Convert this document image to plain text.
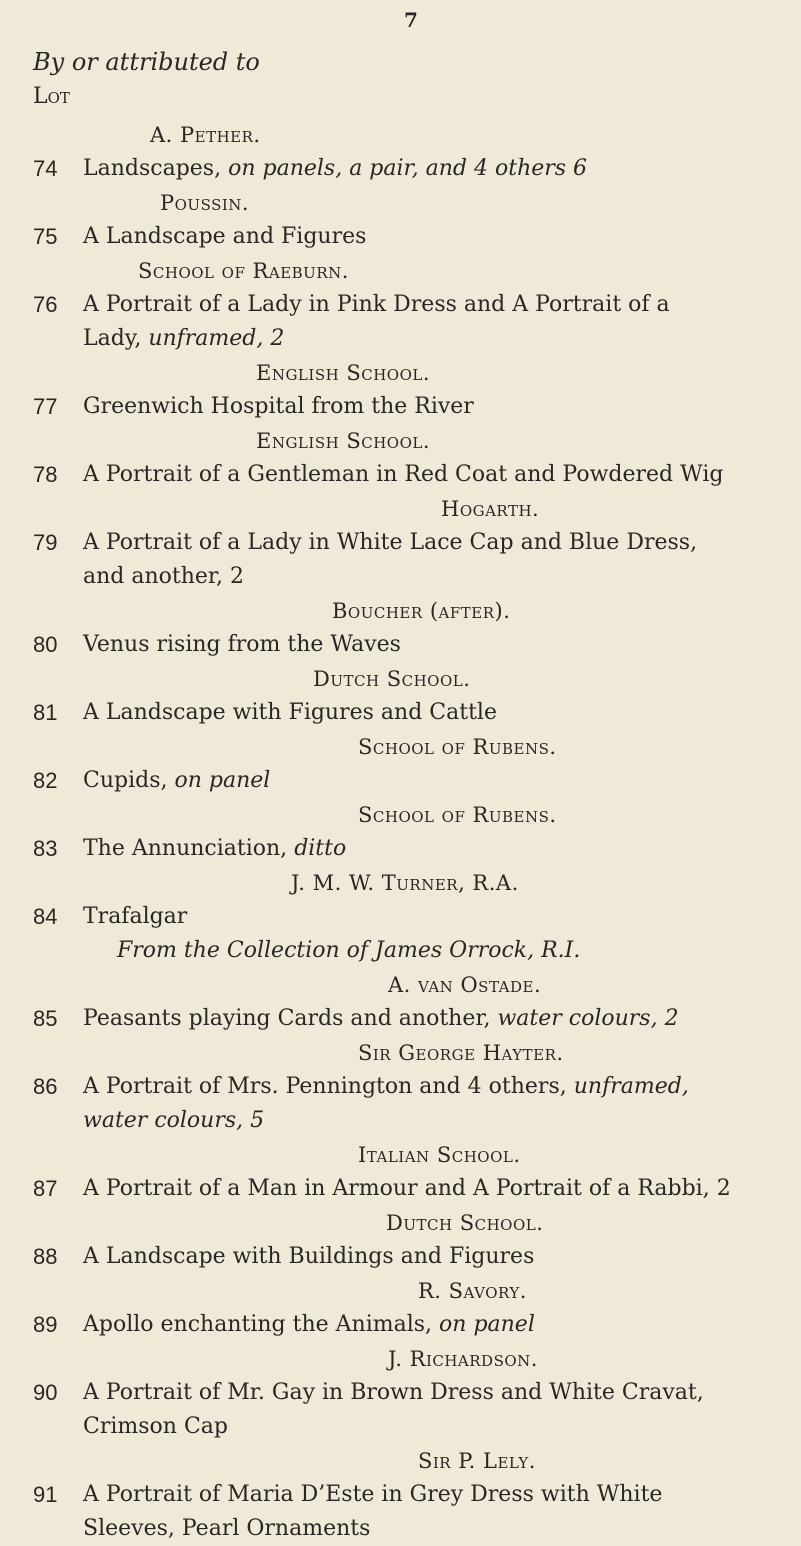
7
By or attributed to
Lot
A. Pether.
74	Landscapes, on panels, a pair, and 4 others 6
Poussin.
75	A Landscape and Figures
School of Raeburn.
76	A Portrait of a Lady in Pink Dress and A Portrait of a
Lady, unframed, 2
English School.
77	Greenwich Hospital from the River
English School.
78	A Portrait of a Gentleman in Red Coat and Powdered Wig
Hogarth.
79	A Portrait of a Lady in White Lace Cap and Blue Dress,
and another, 2
Boucher (after).
80	Venus rising from the Waves
Dutch School.
81	A Landscape with Figures and Cattle
School of Rubens.
82	Cupids, on panel
School of Rubens.
83	The Annunciation, ditto
J. M. W. Turner, R.A.
84	Trafalgar
From the Collection of James Orrock, R.I.
A. van Ostade.
85	Peasants playing Cards and another, water colours, 2
Sir George Hayter.
86	A Portrait of Mrs. Pennington and 4 others, unframed,
water colours, 5
Italian School.
87	A Portrait of a Man in Armour and A Portrait of a Rabbi, 2
Dutch School.
88	A Landscape with Buildings and Figures
R. Savory.
89	Apollo enchanting the Animals, on panel
J. Richardson.
90	A Portrait of Mr. Gay in Brown Dress and White Cravat,
Crimson Cap
Sir P. Lely.
91	A Portrait of Maria D’Este in Grey Dress with White
Sleeves, Pearl Ornaments
